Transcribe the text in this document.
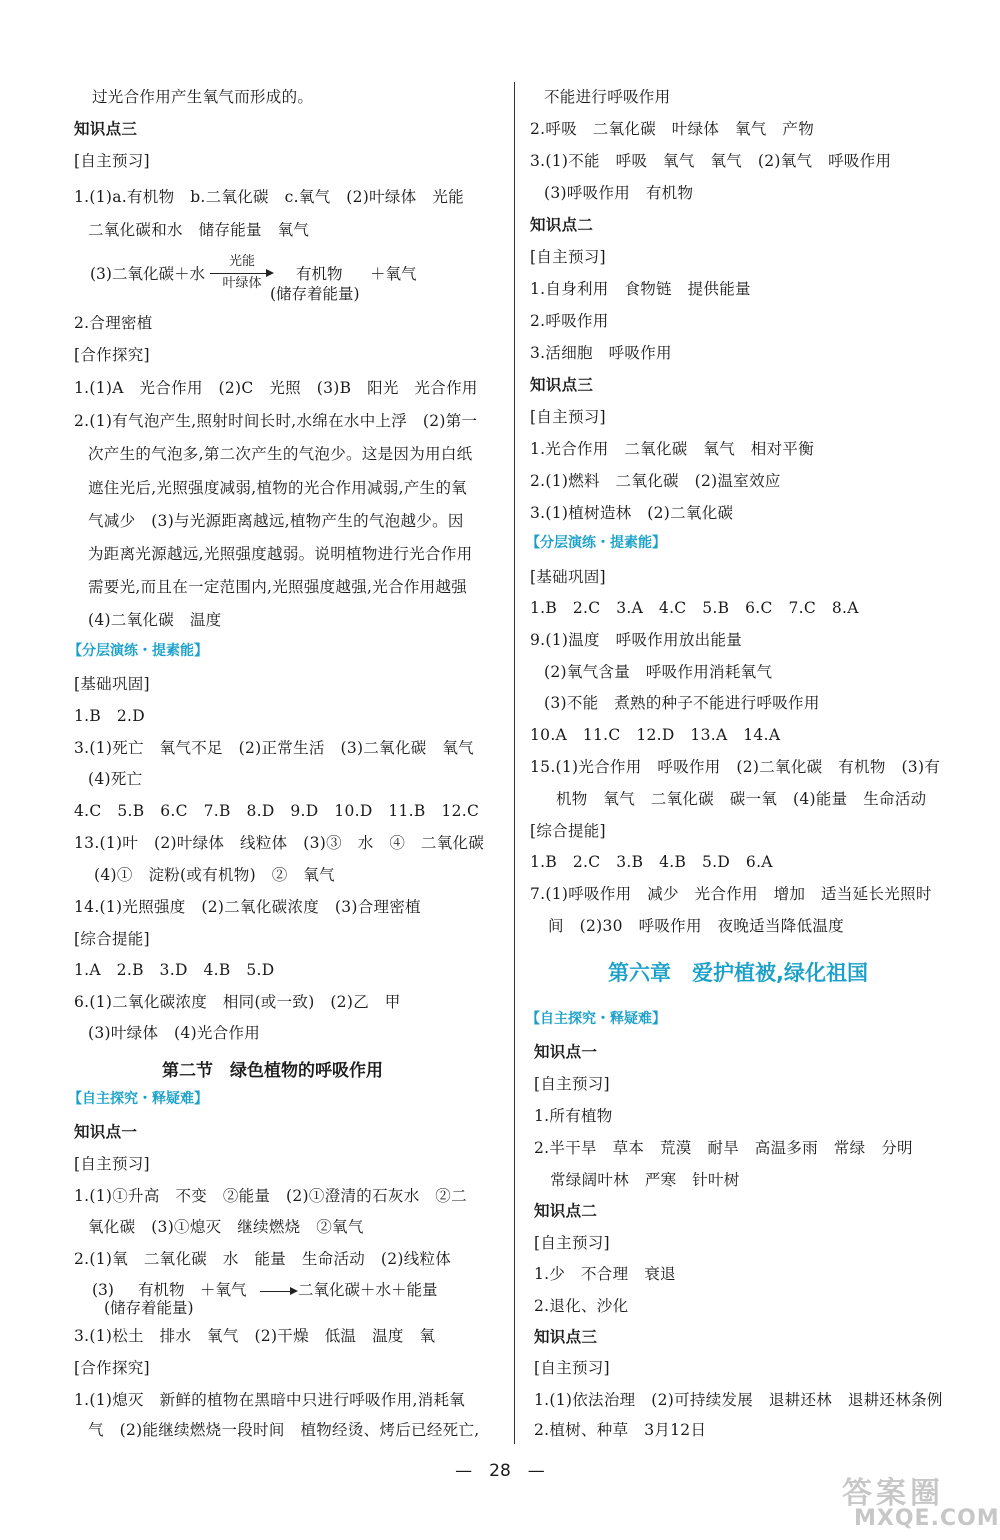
过光合作用产生氧气而形成的。
知识点三
[自主预习]
1.(1)a.有机物　b.二氧化碳　c.氧气　(2)叶绿体　光能
二氧化碳和水　储存能量　氧气
(3)二氧化碳＋水
光能
叶绿体
有机物 ＋氧气
(储存着能量)
2.合理密植
[合作探究]
1.(1)A　光合作用　(2)C　光照　(3)B　阳光　光合作用
2.(1)有气泡产生,照射时间长时,水绵在水中上浮　(2)第一
次产生的气泡多,第二次产生的气泡少。这是因为用白纸
遮住光后,光照强度减弱,植物的光合作用减弱,产生的氧
气减少　(3)与光源距离越远,植物产生的气泡越少。因
为距离光源越远,光照强度越弱。说明植物进行光合作用
需要光,而且在一定范围内,光照强度越强,光合作用越强
(4)二氧化碳　温度
【分层演练・提素能】
[基础巩固]
1.B　2.D
3.(1)死亡　氧气不足　(2)正常生活　(3)二氧化碳　氧气
(4)死亡
4.C　5.B　6.C　7.B　8.D　9.D　10.D　11.B　12.C
13.(1)叶　(2)叶绿体　线粒体　(3)③　水　④　二氧化碳
(4)①　淀粉(或有机物)　②　氧气
14.(1)光照强度　(2)二氧化碳浓度　(3)合理密植
[综合提能]
1.A　2.B　3.D　4.B　5.D
6.(1)二氧化碳浓度　相同(或一致)　(2)乙　甲
(3)叶绿体　(4)光合作用
第二节　绿色植物的呼吸作用
【自主探究・释疑难】
知识点一
[自主预习]
1.(1)①升高　不变　②能量　(2)①澄清的石灰水　②二
氧化碳　(3)①熄灭　继续燃烧　②氧气
2.(1)氧　二氧化碳　水　能量　生命活动　(2)线粒体
(3) 有机物　＋氧气 → 二氧化碳＋水＋能量
(储存着能量)
3.(1)松土　排水　氧气　(2)干燥　低温　温度　氧
[合作探究]
1.(1)熄灭　新鲜的植物在黑暗中只进行呼吸作用,消耗氧
气　(2)能继续燃烧一段时间　植物经烫、烤后已经死亡,
不能进行呼吸作用
2.呼吸　二氧化碳　叶绿体　氧气　产物
3.(1)不能　呼吸　氧气　氧气　(2)氧气　呼吸作用
(3)呼吸作用　有机物
知识点二
[自主预习]
1.自身利用　食物链　提供能量
2.呼吸作用
3.活细胞　呼吸作用
知识点三
[自主预习]
1.光合作用　二氧化碳　氧气　相对平衡
2.(1)燃料　二氧化碳　(2)温室效应
3.(1)植树造林　(2)二氧化碳
【分层演练・提素能】
[基础巩固]
1.B　2.C　3.A　4.C　5.B　6.C　7.C　8.A
9.(1)温度　呼吸作用放出能量
(2)氧气含量　呼吸作用消耗氧气
(3)不能　煮熟的种子不能进行呼吸作用
10.A　11.C　12.D　13.A　14.A
15.(1)光合作用　呼吸作用　(2)二氧化碳　有机物　(3)有
机物　氧气　二氧化碳　碳一氧　(4)能量　生命活动
[综合提能]
1.B　2.C　3.B　4.B　5.D　6.A
7.(1)呼吸作用　减少　光合作用　增加　适当延长光照时
间　(2)30　呼吸作用　夜晚适当降低温度
第六章　爱护植被,绿化祖国
【自主探究・释疑难】
知识点一
[自主预习]
1.所有植物
2.半干旱　草本　荒漠　耐旱　高温多雨　常绿　分明
常绿阔叶林　严寒　针叶树
知识点二
[自主预习]
1.少　不合理　衰退
2.退化、沙化
知识点三
[自主预习]
1.(1)依法治理　(2)可持续发展　退耕还林　退耕还林条例
2.植树、种草　3月12日
—　28　—
答案圈
MXQE.COM
